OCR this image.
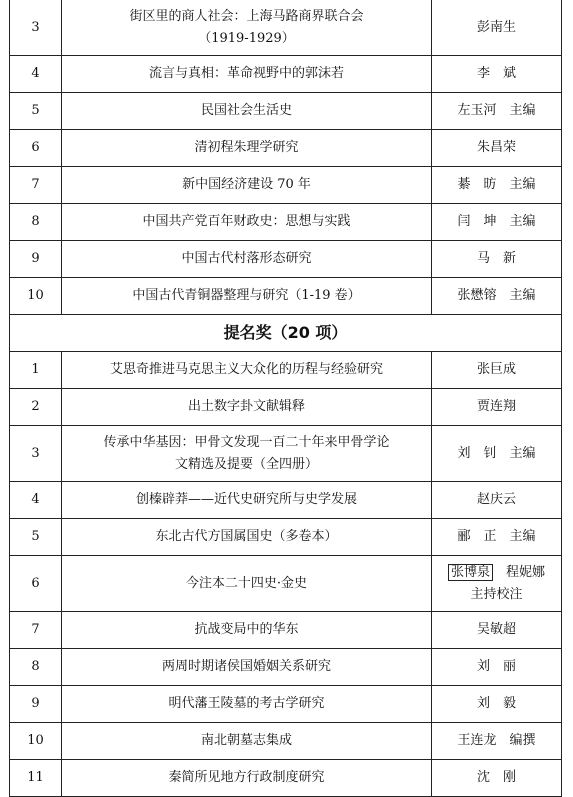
3	街区里的商人社会：上海马路商界联合会
（1919-1929）	彭南生
4	流言与真相：革命视野中的郭沫若	李　斌
5	民国社会生活史	左玉河　主编
6	清初程朱理学研究	朱昌荣
7	新中国经济建设 70 年	綦　昉　主编
8	中国共产党百年财政史：思想与实践	闫　坤　主编
9	中国古代村落形态研究	马　新
10	中国古代青铜器整理与研究（1-19 卷）	张懋镕　主编
提名奖（20 项）		
1	艾思奇推进马克思主义大众化的历程与经验研究	张巨成
2	出土数字卦文献辑释	贾连翔
3	传承中华基因：甲骨文发现一百二十年来甲骨学论
文精选及提要（全四册）	刘　钊　主编
4	创榛辟莽——近代史研究所与史学发展	赵庆云
5	东北古代方国属国史（多卷本）	郦　正　主编
6	今注本二十四史·金史	张博泉　程妮娜
主持校注
7	抗战变局中的华东	吴敏超
8	两周时期诸侯国婚姻关系研究	刘　丽
9	明代藩王陵墓的考古学研究	刘　毅
10	南北朝墓志集成	王连龙　编撰
11	秦简所见地方行政制度研究	沈　刚
